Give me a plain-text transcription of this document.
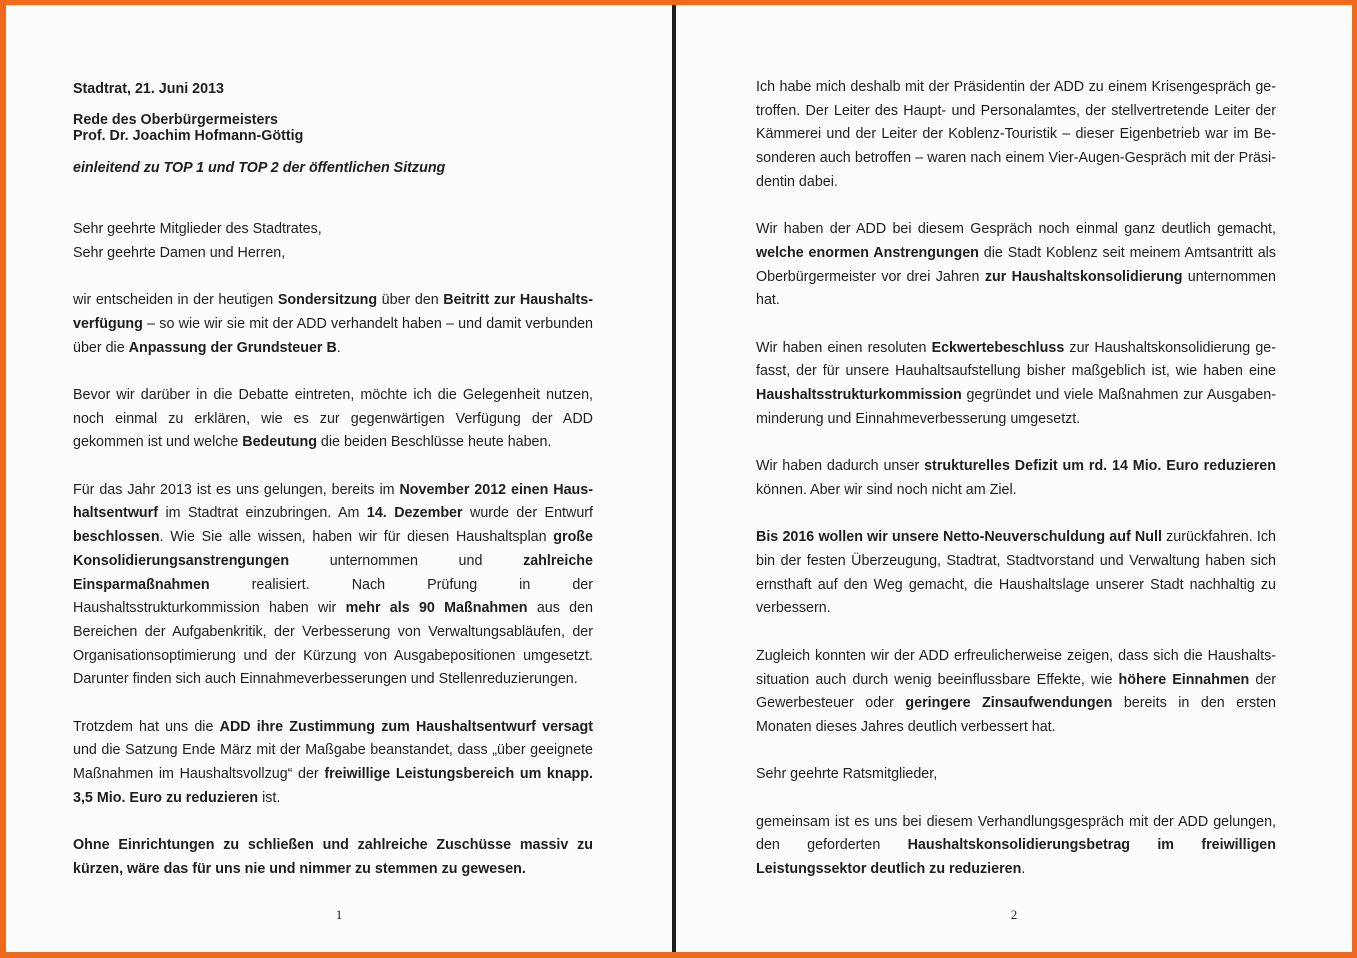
Stadtrat, 21. Juni 2013

Rede des Oberbürgermeisters

Prof. Dr. Joachim Hofmann-Göttig

einleitend zu TOP 1 und TOP 2 der öffentlichen Sitzung

Sehr geehrte Mitglieder des Stadtrates,

Sehr geehrte Damen und Herren,

wir entscheiden in der heutigen Sondersitzung über den Beitritt zur Haushaltsverfügung – so wie wir sie mit der ADD verhandelt haben – und damit verbunden über die Anpassung der Grundsteuer B.

Bevor wir darüber in die Debatte eintreten, möchte ich die Gelegenheit nutzen, noch einmal zu erklären, wie es zur gegenwärtigen Verfügung der ADD gekommen ist und welche Bedeutung die beiden Beschlüsse heute haben.

Für das Jahr 2013 ist es uns gelungen, bereits im November 2012 einen Haushaltsentwurf im Stadtrat einzubringen. Am 14. Dezember wurde der Entwurf beschlossen. Wie Sie alle wissen, haben wir für diesen Haushaltsplan große Konsolidierungsanstrengungen unternommen und zahlreiche Einsparmaßnahmen realisiert. Nach Prüfung in der Haushaltsstrukturkommission haben wir mehr als 90 Maßnahmen aus den Bereichen der Aufgabenkritik, der Verbesserung von Verwaltungsabläufen, der Organisationsoptimierung und der Kürzung von Ausgabepositionen umgesetzt. Darunter finden sich auch Einnahmeverbesserungen und Stellenreduzierungen.

Trotzdem hat uns die ADD ihre Zustimmung zum Haushaltsentwurf versagt und die Satzung Ende März mit der Maßgabe beanstandet, dass „über geeignete Maßnahmen im Haushaltsvollzug“ der freiwillige Leistungsbereich um knapp. 3,5 Mio. Euro zu reduzieren ist.

Ohne Einrichtungen zu schließen und zahlreiche Zuschüsse massiv zu kürzen, wäre das für uns nie und nimmer zu stemmen zu gewesen.

1

Ich habe mich deshalb mit der Präsidentin der ADD zu einem Krisengespräch getroffen. Der Leiter des Haupt- und Personalamtes, der stellvertretende Leiter der Kämmerei und der Leiter der Koblenz-Touristik – dieser Eigenbetrieb war im Besonderen auch betroffen – waren nach einem Vier-Augen-Gespräch mit der Präsidentin dabei.

Wir haben der ADD bei diesem Gespräch noch einmal ganz deutlich gemacht, welche enormen Anstrengungen die Stadt Koblenz seit meinem Amtsantritt als Oberbürgermeister vor drei Jahren zur Haushaltskonsolidierung unternommen hat.

Wir haben einen resoluten Eckwertebeschluss zur Haushaltskonsolidierung gefasst, der für unsere Hauhaltsaufstellung bisher maßgeblich ist, wie haben eine Haushaltsstrukturkommission gegründet und viele Maßnahmen zur Ausgabenminderung und Einnahmeverbesserung umgesetzt.

Wir haben dadurch unser strukturelles Defizit um rd. 14 Mio. Euro reduzieren können. Aber wir sind noch nicht am Ziel.

Bis 2016 wollen wir unsere Netto-Neuverschuldung auf Null zurückfahren. Ich bin der festen Überzeugung, Stadtrat, Stadtvorstand und Verwaltung haben sich ernsthaft auf den Weg gemacht, die Haushaltslage unserer Stadt nachhaltig zu verbessern.

Zugleich konnten wir der ADD erfreulicherweise zeigen, dass sich die Haushaltssituation auch durch wenig beeinflussbare Effekte, wie höhere Einnahmen der Gewerbesteuer oder geringere Zinsaufwendungen bereits in den ersten Monaten dieses Jahres deutlich verbessert hat.

Sehr geehrte Ratsmitglieder,

gemeinsam ist es uns bei diesem Verhandlungsgespräch mit der ADD gelungen, den geforderten Haushaltskonsolidierungsbetrag im freiwilligen Leistungssektor deutlich zu reduzieren.

2
